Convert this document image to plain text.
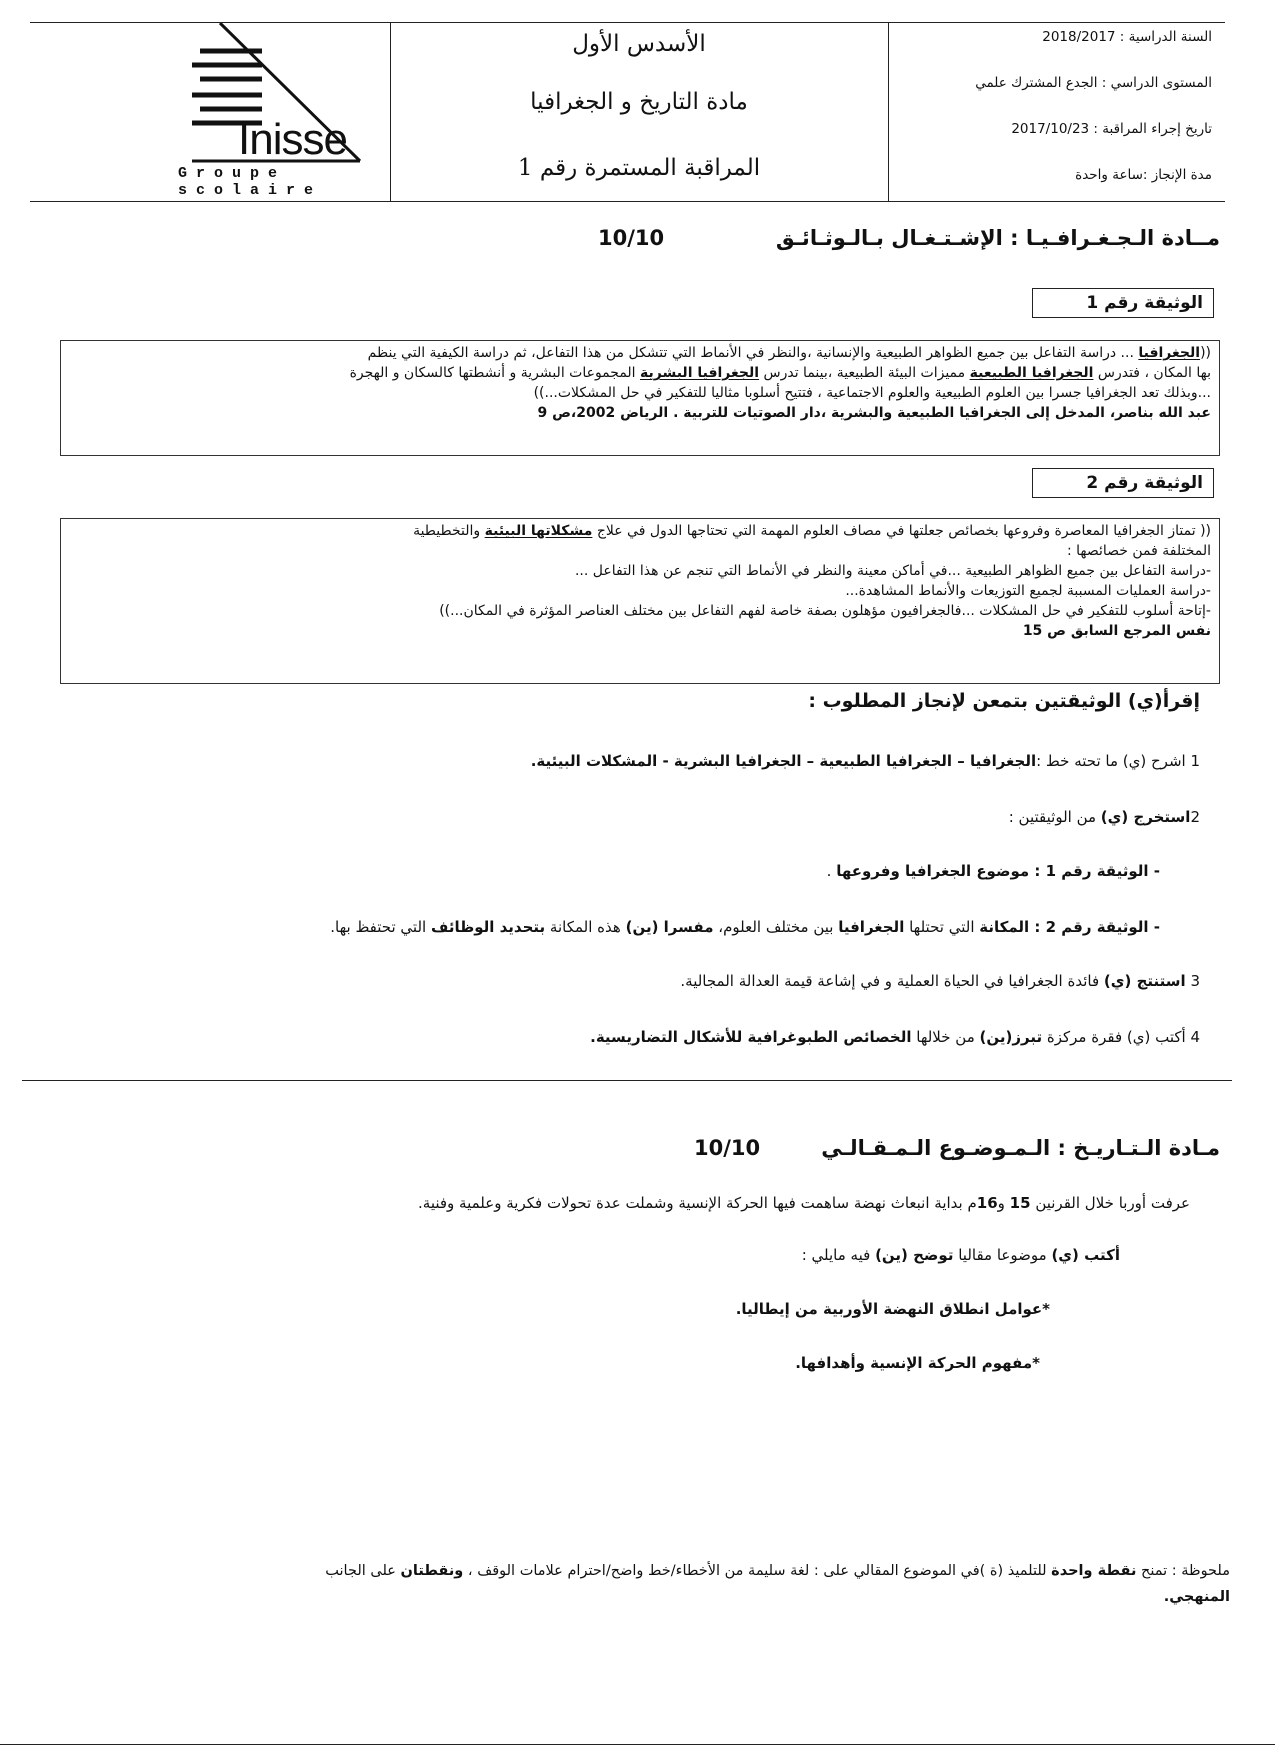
Inisse
Groupe scolaire
الأسدس الأول
مادة التاريخ و الجغرافيا
المراقبة المستمرة رقم 1
السنة الدراسية : 2018/2017
المستوى الدراسي : الجدع المشترك علمي
تاريخ إجراء المراقبة : 2017/10/23
مدة الإنجاز :ساعة واحدة
مــادة الـجـغـرافـيـا : الإشـتـغـال بـالـوثـائـق
10/10
الوثيقة رقم 1
((الجغرافيا ... دراسة التفاعل بين جميع الظواهر الطبيعية والإنسانية ،والنظر في الأنماط التي تتشكل من هذا التفاعل، ثم دراسة الكيفية التي ينظم
بها المكان ، فتدرس الجغرافيا الطبيعية مميزات البيئة الطبيعية ،بينما تدرس الجغرافيا البشرية المجموعات البشرية و أنشطتها كالسكان و الهجرة
...وبذلك تعد الجغرافيا جسرا بين العلوم الطبيعية والعلوم الاجتماعية ، فتتيح أسلوبا مثاليا للتفكير في حل المشكلات...))
عبد الله بناصر، المدخل إلى الجغرافيا الطبيعية والبشرية ،دار الصوتيات للتربية . الرياض 2002،ص 9
الوثيقة رقم 2
(( تمتاز الجغرافيا المعاصرة وفروعها بخصائص جعلتها في مصاف العلوم المهمة التي تحتاجها الدول في علاج مشكلاتها البيئية والتخطيطية
المختلفة فمن خصائصها :
-دراسة التفاعل بين جميع الظواهر الطبيعية ...في أماكن معينة والنظر في الأنماط التي تنجم عن هذا التفاعل ...
-دراسة العمليات المسببة لجميع التوزيعات والأنماط المشاهدة...
-إتاحة أسلوب للتفكير في حل المشكلات ...فالجغرافيون مؤهلون بصفة خاصة لفهم التفاعل بين مختلف العناصر المؤثرة في المكان...))
نفس المرجع السابق ص 15
إقرأ(ي) الوثيقتين بتمعن لإنجاز المطلوب :
1 اشرح (ي) ما تحته خط :الجغرافيا – الجغرافيا الطبيعية – الجغرافيا البشرية - المشكلات البيئية.
2استخرج (ي) من الوثيقتين :
- الوثيقة رقم 1 : موضوع الجغرافيا وفروعها .
- الوثيقة رقم 2 : المكانة التي تحتلها الجغرافيا بين مختلف العلوم، مفسرا (ين) هذه المكانة بتحديد الوظائف التي تحتفظ بها.
3 استنتج (ي) فائدة الجغرافيا في الحياة العملية و في إشاعة قيمة العدالة المجالية.
4 أكتب (ي) فقرة مركزة تبرز(ين) من خلالها الخصائص الطبوغرافية للأشكال التضاريسية.
مـادة الـتـاريـخ : الـمـوضـوع الـمـقـالـي
10/10
عرفت أوربا خلال القرنين 15 و16م بداية انبعاث نهضة ساهمت فيها الحركة الإنسية وشملت عدة تحولات فكرية وعلمية وفنية.
أكتب (ي) موضوعا مقاليا توضح (ين) فيه مايلي :
*عوامل انطلاق النهضة الأوربية من إيطاليا.
*مفهوم الحركة الإنسية وأهدافها.
ملحوظة : تمنح نقطة واحدة للتلميذ (ة )في الموضوع المقالي على : لغة سليمة من الأخطاء/خط واضح/احترام علامات الوقف ، ونقطتان على الجانب
المنهجي.
